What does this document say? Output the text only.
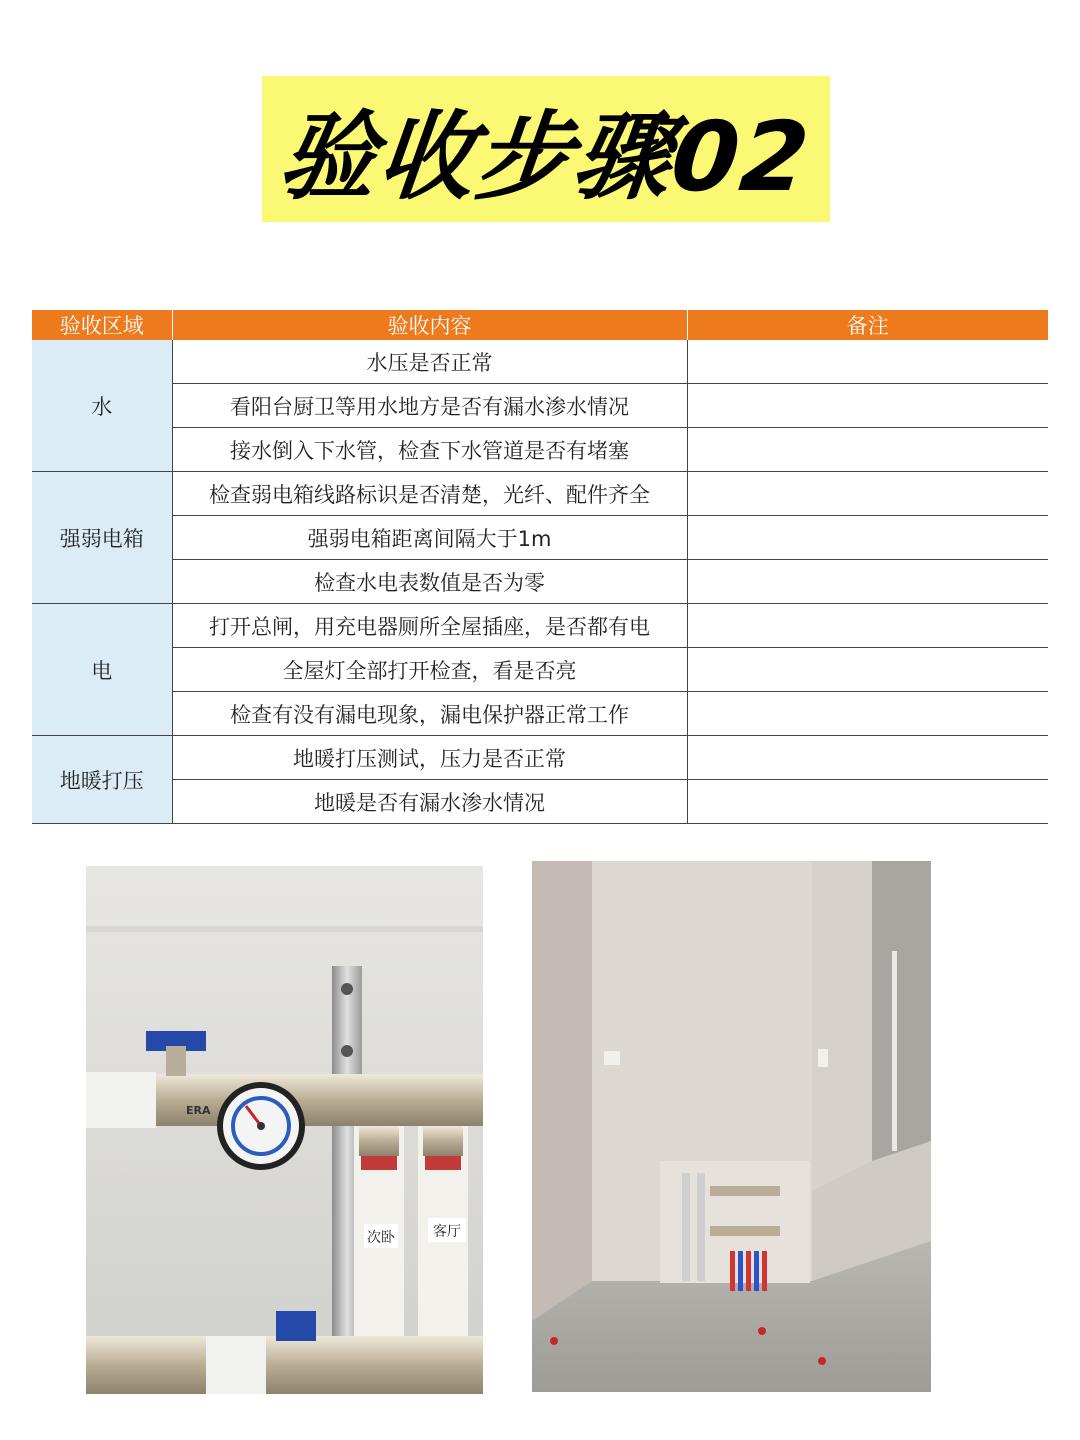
验收步骤02
验收区域	验收内容	备注
水	水压是否正常	
	看阳台厨卫等用水地方是否有漏水渗水情况	
	接水倒入下水管，检查下水管道是否有堵塞	
强弱电箱	检查弱电箱线路标识是否清楚，光纤、配件齐全	
	强弱电箱距离间隔大于1m	
	检查水电表数值是否为零	
电	打开总闸，用充电器厕所全屋插座，是否都有电	
	全屋灯全部打开检查，看是否亮	
	检查有没有漏电现象，漏电保护器正常工作	
地暖打压	地暖打压测试，压力是否正常	
	地暖是否有漏水渗水情况	
次卧	客厅
ERA
